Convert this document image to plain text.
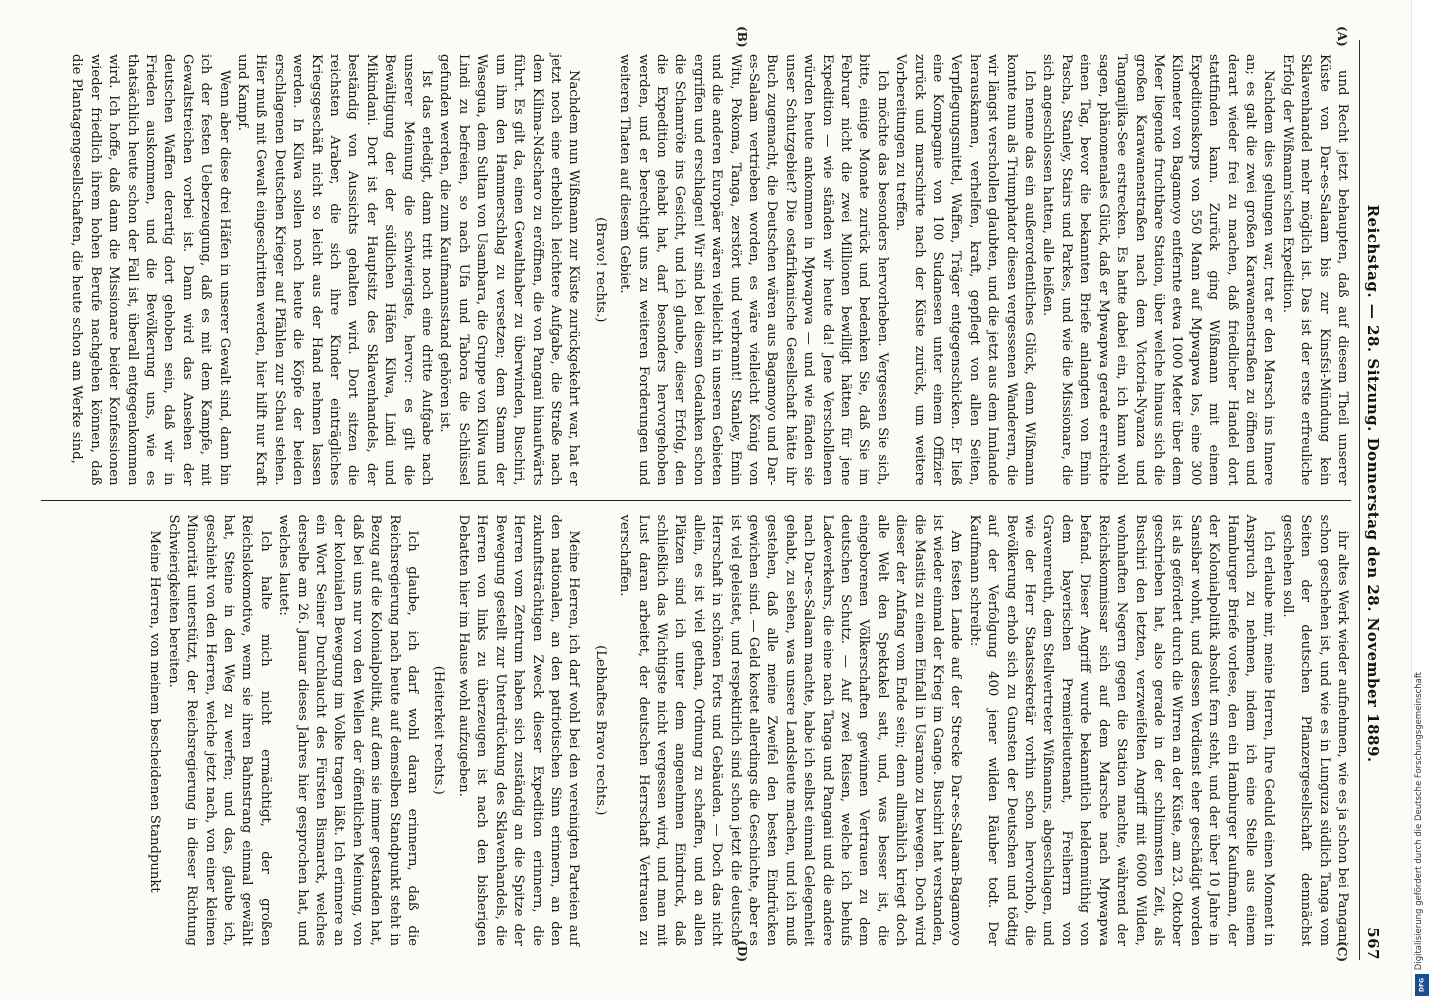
Reichstag. — 28. Sitzung. Donnerstag den 28. November 1889.
567
(A)
(B)

und Recht jetzt behaupten, daß auf diesem Theil unserer Küste von Dar-es-Salaam bis zur Kinsfsi-Mündung kein Sklavenhandel mehr möglich ist. Das ist der erste erfreuliche Erfolg der Wißmann'schen Expedition.

Nachdem dies gelungen war, trat er den Marsch ins Innere an; es galt die zwei großen Karawanenstraßen zu öffnen und derart wieder frei zu machen, daß friedlicher Handel dort stattfinden kann. Zurück ging Wißmann mit einem Expeditionskorps von 550 Mann auf Mpwapwa los, eine 300 Kilometer von Bagamoyo entfernte etwa 1000 Meter über dem Meer liegende fruchtbare Station, über welche hinaus sich die großen Karawanenstraßen nach dem Victoria-Nyanza und Tanganjika-See erstrecken. Es hatte dabei ein, ich kann wohl sagen, phänomenales Glück, daß er Mpwapwa gerade erreichte einen Tag, bevor die bekannten Briefe anlangten von Emin Pascha, Stanley, Stairs und Parkes, und wie die Missionare, die sich angeschlossen hatten, alle heißen.

Ich nenne das ein außerordentliches Glück, denn Wißmann konnte nun als Triumphator diesen vergessenen Wanderern, die wir längst verschollen glaubten, und die jetzt aus dem Innlande herauskamen, verhelfen, kraft, gepflegt von allen Seiten, Verpflegungsmittel, Waffen, Träger entgegenschicken. Er ließ eine Kompagnie von 100 Sudanesen unter einem Offizier zurück und marschirte nach der Küste zurück, um weitere Vorbereitungen zu treffen.

Ich möchte das besonders hervorheben. Vergessen Sie sich, bitte, einige Monate zurück und bedenken Sie, daß Sie im Februar nicht die zwei Millionen bewilligt hätten für jene Expedition — wie ständen wir heute da! Jene Verschollenen würden heute ankommen in Mpwapwa — und wie fänden sie unser Schutzgebiet? Die ostafrikanische Gesellschaft hätte ihr Buch zugemacht, die Deutschen wären aus Bagamoyo und Dar-es-Salaam vertrieben worden, es wäre vielleicht König von Witu, Pokoma, Tanga, zerstört und verbrannt! Stanley, Emin und die anderen Europäer wären vielleicht in unseren Gebieten ergriffen und erschlagen! Wir sind bei diesem Gedanken schon die Schamröte ins Gesicht, und ich glaube, dieser Erfolg, den die Expedition gehabt hat, darf besonders hervorgehoben werden, und er berechtigt uns zu weiteren Forderungen und weiteren Thaten auf diesem Gebiet.

(Bravo! rechts.)

Nachdem nun Wißmann zur Küste zurückgekehrt war, hat er jetzt noch eine erheblich leichtere Aufgabe, die Straße nach dem Kilima-Ndscharo zu eröffnen, die von Pangani hinaufwärts führt. Es gilt da, einen Gewalthaber zu überwinden, Buschiri, um ihm den Hammerschlag zu versetzen; dem Stamm der Wasegua, dem Sultan von Usambara, die Gruppe von Kilwa und Lindi zu befreien, so nach Ufa und Tabora die Schlüssel gefunden werden, die zum Kaufmannsstand gehören ist.

Ist das erledigt, dann tritt noch eine dritte Aufgabe nach unserer Meinung die schwierigste, hervor: es gilt die Bewältigung der der südlichen Häfen Kilwa, Lindi und Mikindani. Dort ist der Hauptsitz des Sklavenhandels, der beständig von Aussichts gehalten wird. Dort sitzen die reichsten Araber, die sich ihre Kinder einträgliches Kriegsgeschäft nicht so leicht aus der Hand nehmen lassen werden. In Kilwa sollen noch heute die Köpfe der beiden erschlagenen Deutschen Krieger auf Pfählen zur Schau stehen. Hier muß mit Gewalt eingeschritten werden, hier hilft nur Kraft und Kampf.

Wenn aber diese drei Häfen in unserer Gewalt sind, dann bin ich der festen Ueberzeugung, daß es mit dem Kampfe, mit Gewaltstreichen vorbei ist. Dann wird das Ansehen der deutschen Waffen derartig dort gehoben sein, daß wir in Frieden auskommen, und die Bevölkerung uns, wie es thatsächlich heute schon der Fall ist, überall entgegenkommen wird. Ich hoffe, daß dann die Missionare beider Konfessionen wieder friedlich ihrem hohen Berufe nachgehen können, daß die Plantagengesellschaften, die heute schon am Werke sind,

(C)
(D)

ihr altes Werk wieder aufnehmen, wie es ja schon bei Pangani schon geschehen ist, und wie es in Lunguza südlich Tanga vom Seiten der deutschen Pflanzergesellschaft demnächst geschehen soll.

Ich erlaube mir, meine Herren, Ihre Geduld einen Moment in Anspruch zu nehmen, indem ich eine Stelle aus einem Hamburger Briefe vorlese, den ein Hamburger Kaufmann, der der Kolonialpolitik absolut fern steht, und der über 10 Jahre in Sansibar wohnt, und dessen Verdienst eher geschädigt worden ist als gefördert durch die Wirren an der Küste, am 23. Oktober geschrieben hat, also gerade in der schlimmsten Zeit, als Buschiri den letzten, verzweifelten Angriff mit 6000 Wilden, wohnhaften Negern gegen die Station machte, während der Reichskommissar sich auf dem Marsche nach Mpwapwa befand. Dieser Angriff wurde bekanntlich heldenmüthig von dem bayerischen Premierlieutenant, Freiherrn von Gravenreuth, dem Stellvertreter Wißmanns, abgeschlagen, und wie der Herr Staatssekretär vorhin schon hervorhob, die Bevölkerung erhob sich zu Gunsten der Deutschen und tödtig auf der Verfolgung 400 jener wilden Räuber todt. Der Kaufmann schreibt:

Am festen Lande auf der Strecke Dar-es-Salaam-Bagamoyo ist wieder einmal der Krieg im Gange. Buschiri hat verstanden, die Masitis zu einem Einfall in Usaramo zu bewegen. Doch wird dieser der Anfang vom Ende sein; denn allmählich kriegt doch alle Welt den Spektakel satt, und, was besser ist, die eingeborenen Völkerschaften gewinnen Vertrauen zu dem deutschen Schutz. — Auf zwei Reisen, welche ich behufs Ladeverkehrs, die eine nach Tanga und Pangani und die andere nach Dar-es-Salaam machte, habe ich selbst einmal Gelegenheit gehabt, zu sehen, was unsere Landsleute machen, und ich muß gestehen, daß alle meine Zweifel den besten Eindrücken gewichen sind. — Geld kostet allerdings die Geschichte, aber es ist viel geleistet, und respektirlich sind schon jetzt die deutsche Herrschaft in schönen Forts und Gebäuden. — Doch das nicht allein, es ist viel gethan, Ordnung zu schaffen, und an allen Plätzen sind ich unter dem angenehmen Eindruck, daß schließlich das Wichtigste nicht vergessen wird, und man mit Lust daran arbeitet, der deutschen Herrschaft Vertrauen zu verschaffen.

(Lebhaftes Bravo rechts.)

Meine Herren, ich darf wohl bei den vereinigten Parteien auf den nationalen, an den patriotischen Sinn erinnern, an den zukunftsträchtigen Zweck dieser Expedition erinnern, die Herren vom Zentrum haben sich zuständig an die Spitze der Bewegung gestellt zur Unterdrückung des Sklavenhandels, die Herren von links zu überzeugen ist nach den bisherigen Debatten hier im Hause wohl aufzugeben.

(Heiterkeit rechts.)

Ich glaube, ich darf wohl daran erinnern, daß die Reichsregierung nach heute auf demselben Standpunkt steht in Bezug auf die Kolonialpolitik, auf dem sie immer gestanden hat, daß bei uns nur von den Wellen der öffentlichen Meinung, von der kolonialen Bewegung im Volke tragen läßt. Ich erinnere an ein Wort Seiner Durchlaucht des Fürsten Bismarck, welches derselbe am 26. Januar dieses Jahres hier gesprochen hat, und welches lautet:

Ich halte mich nicht ermächtigt, der großen Reichslokomotive, wenn sie ihren Bahnstrang einmal gewählt hat, Steine in den Weg zu werfen; und das, glaube ich, geschieht von den Herren, welche jetzt nach, von einer kleinen Minorität unterstützt, der Reichsregierung in dieser Richtung Schwierigkeiten bereiten.

Meine Herren, von meinem bescheidenen Standpunkt	Digitalisierung gefördert durch die Deutsche Forschungsgemeinschaft
DFG
